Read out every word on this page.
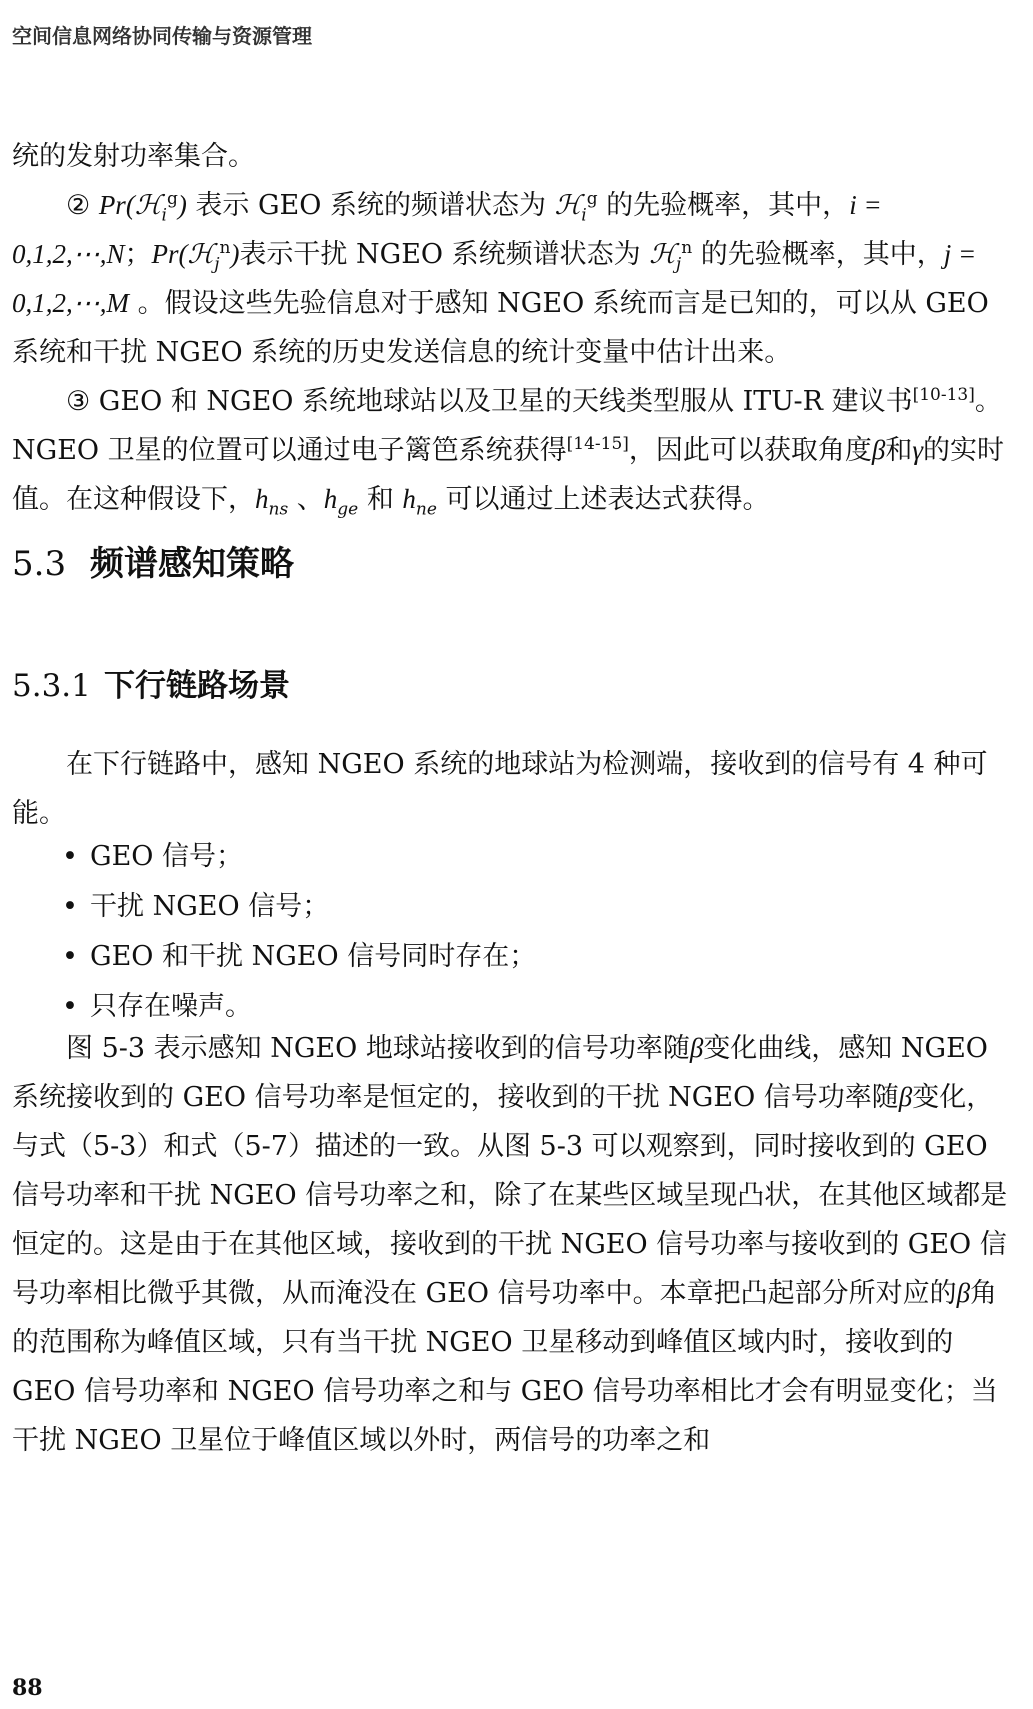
空间信息网络协同传输与资源管理

统的发射功率集合。

② Pr(ℋ$_i^g$) 表示 GEO 系统的频谱状态为 ℋ$_i^g$ 的先验概率，其中，i = 0,1,2,⋯,N；Pr(ℋ$_j^n$)表示干扰 NGEO 系统频谱状态为 ℋ$_j^n$ 的先验概率，其中，j = 0,1,2,⋯,M 。假设这些先验信息对于感知 NGEO 系统而言是已知的，可以从 GEO 系统和干扰 NGEO 系统的历史发送信息的统计变量中估计出来。

③ GEO 和 NGEO 系统地球站以及卫星的天线类型服从 ITU-R 建议书[10-13]。NGEO 卫星的位置可以通过电子篱笆系统获得[14-15]，因此可以获取角度β和γ的实时值。在这种假设下，$h_{ns}$ 、$h_{ge}$ 和 $h_{ne}$ 可以通过上述表达式获得。

5.3 频谱感知策略
5.3.1 下行链路场景

在下行链路中，感知 NGEO 系统的地球站为检测端，接收到的信号有 4 种可能。

• GEO 信号；
• 干扰 NGEO 信号；
• GEO 和干扰 NGEO 信号同时存在；
• 只存在噪声。

图 5-3 表示感知 NGEO 地球站接收到的信号功率随β变化曲线，感知 NGEO 系统接收到的 GEO 信号功率是恒定的，接收到的干扰 NGEO 信号功率随β变化，与式（5-3）和式（5-7）描述的一致。从图 5-3 可以观察到，同时接收到的 GEO 信号功率和干扰 NGEO 信号功率之和，除了在某些区域呈现凸状，在其他区域都是恒定的。这是由于在其他区域，接收到的干扰 NGEO 信号功率与接收到的 GEO 信号功率相比微乎其微，从而淹没在 GEO 信号功率中。本章把凸起部分所对应的β角的范围称为峰值区域，只有当干扰 NGEO 卫星移动到峰值区域内时，接收到的 GEO 信号功率和 NGEO 信号功率之和与 GEO 信号功率相比才会有明显变化；当干扰 NGEO 卫星位于峰值区域以外时，两信号的功率之和

88
